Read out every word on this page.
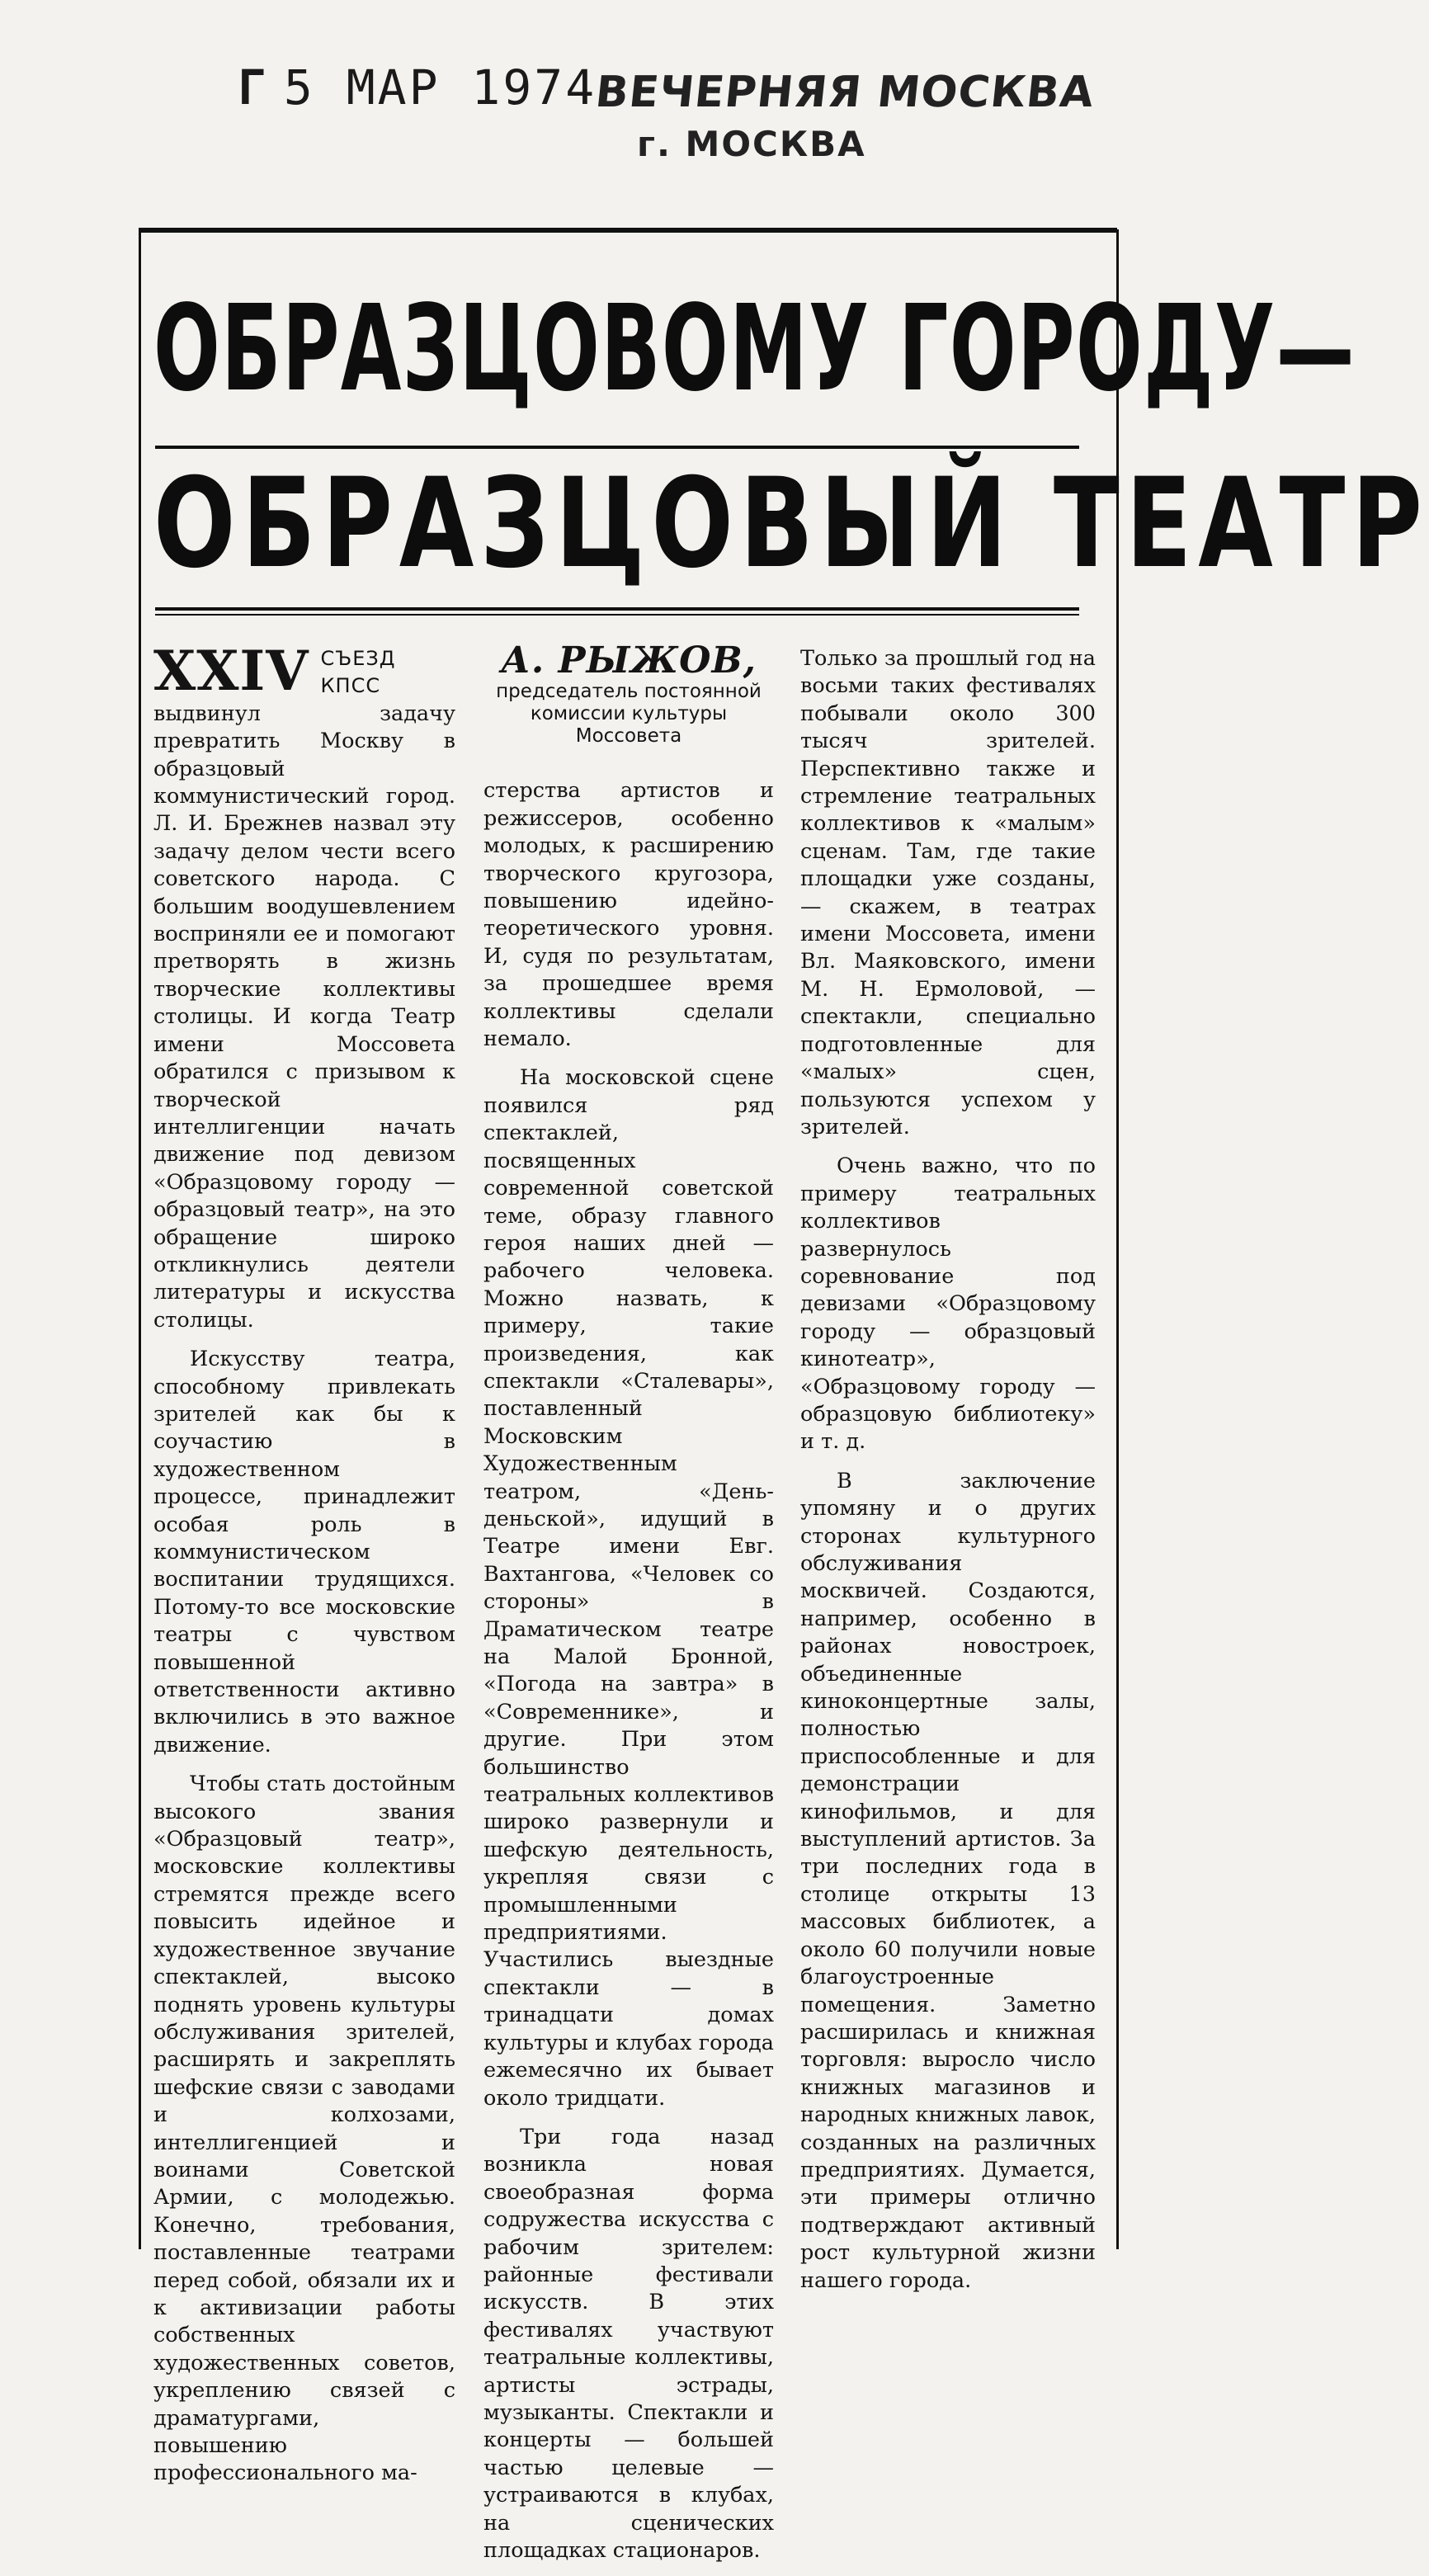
Г 5 МАР 1974
ВЕЧЕРНЯЯ МОСКВА
г. МОСКВА
ОБРАЗЦОВОМУ ГОРОДУ—
ОБРАЗЦОВЫЙ ТЕАТР

XXIV СЪЕЗД КПСС выдвинул задачу превратить Москву в образцовый коммунистический город. Л. И. Брежнев назвал эту задачу делом чести всего советского народа. С большим воодушевлением восприняли ее и помогают претворять в жизнь творческие коллективы столицы. И когда Театр имени Моссовета обратился с призывом к творческой интеллигенции начать движение под девизом «Образцовому городу — образцовый театр», на это обращение широко откликнулись деятели литературы и искусства столицы.

Искусству театра, способному привлекать зрителей как бы к соучастию в художественном процессе, принадлежит особая роль в коммунистическом воспитании трудящихся. Потому-то все московские театры с чувством повышенной ответственности активно включились в это важное движение.

Чтобы стать достойным высокого звания «Образцовый театр», московские коллективы стремятся прежде всего повысить идейное и художественное звучание спектаклей, высоко поднять уровень культуры обслуживания зрителей, расширять и закреплять шефские связи с заводами и колхозами, интеллигенцией и воинами Советской Армии, с молодежью. Конечно, требования, поставленные театрами перед собой, обязали их и к активизации работы собственных художественных советов, укреплению связей с драматургами, повышению профессионального ма-

А. РЫЖОВ,
председатель постоянной комиссии культуры Моссовета

стерства артистов и режиссеров, особенно молодых, к расширению творческого кругозора, повышению идейно-теоретического уровня. И, судя по результатам, за прошедшее время коллективы сделали немало.

На московской сцене появился ряд спектаклей, посвященных современной советской теме, образу главного героя наших дней — рабочего человека. Можно назвать, к примеру, такие произведения, как спектакли «Сталевары», поставленный Московским Художественным театром, «День-деньской», идущий в Театре имени Евг. Вахтангова, «Человек со стороны» в Драматическом театре на Малой Бронной, «Погода на завтра» в «Современнике», и другие. При этом большинство театральных коллективов широко развернули и шефскую деятельность, укрепляя связи с промышленными предприятиями. Участились выездные спектакли — в тринадцати домах культуры и клубах города ежемесячно их бывает около тридцати.

Три года назад возникла новая своеобразная форма содружества искусства с рабочим зрителем: районные фестивали искусств. В этих фестивалях участвуют театральные коллективы, артисты эстрады, музыканты. Спектакли и концерты — большей частью целевые — устраиваются в клубах, на сценических площадках стационаров.

Только за прошлый год на восьми таких фестивалях побывали около 300 тысяч зрителей. Перспективно также и стремление театральных коллективов к «малым» сценам. Там, где такие площадки уже созданы, — скажем, в театрах имени Моссовета, имени Вл. Маяковского, имени М. Н. Ермоловой, — спектакли, специально подготовленные для «малых» сцен, пользуются успехом у зрителей.

Очень важно, что по примеру театральных коллективов развернулось соревнование под девизами «Образцовому городу — образцовый кинотеатр», «Образцовому городу — образцовую библиотеку» и т. д.

В заключение упомяну и о других сторонах культурного обслуживания москвичей. Создаются, например, особенно в районах новостроек, объединенные киноконцертные залы, полностью приспособленные и для демонстрации кинофильмов, и для выступлений артистов. За три последних года в столице открыты 13 массовых библиотек, а около 60 получили новые благоустроенные помещения. Заметно расширилась и книжная торговля: выросло число книжных магазинов и народных книжных лавок, созданных на различных предприятиях. Думается, эти примеры отлично подтверждают активный рост культурной жизни нашего города.
